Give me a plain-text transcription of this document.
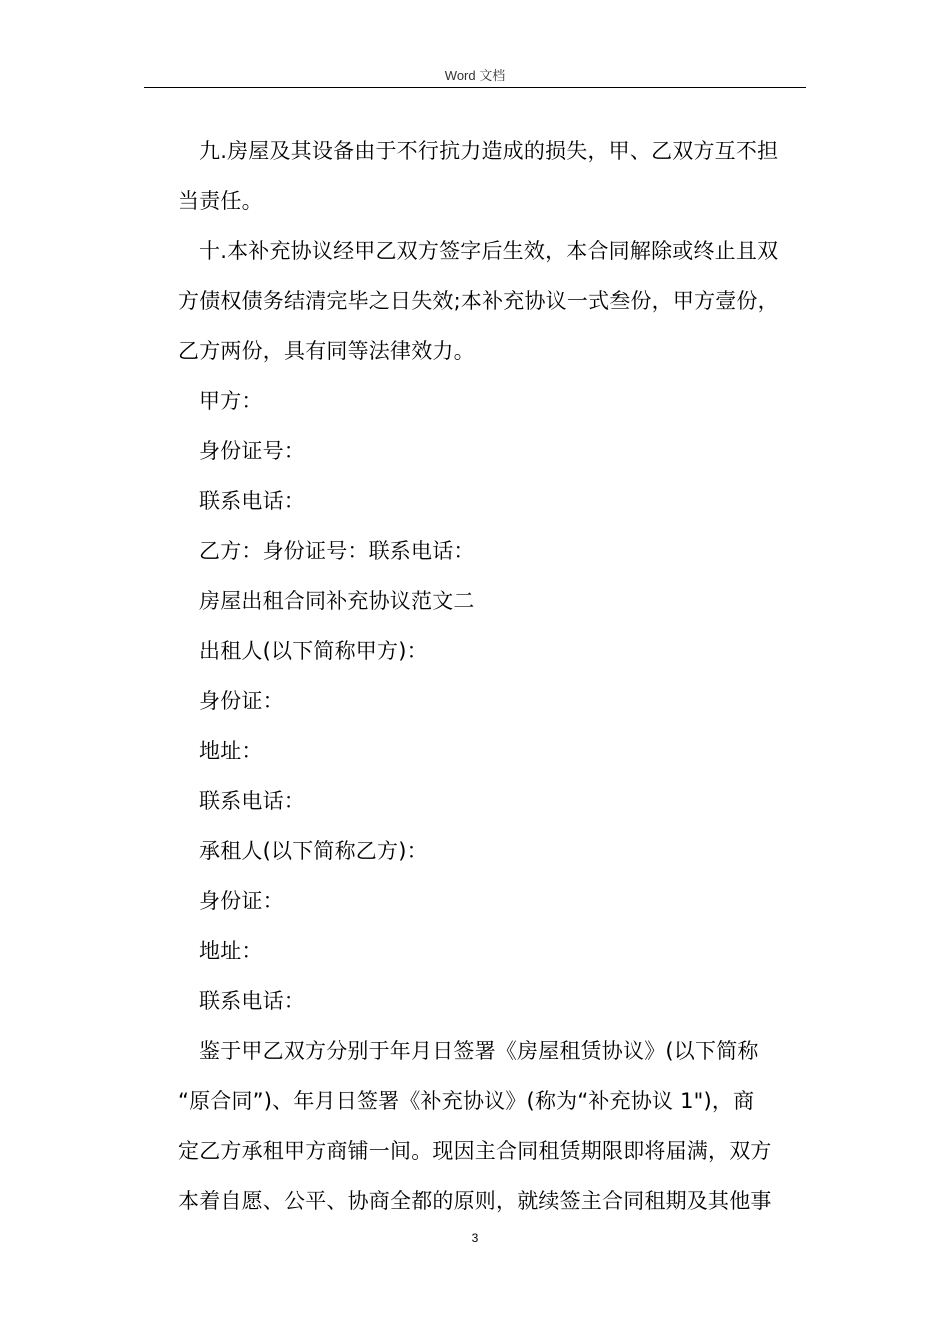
Word 文档

九.房屋及其设备由于不行抗力造成的损失，甲、乙双方互不担

当责任。

十.本补充协议经甲乙双方签字后生效，本合同解除或终止且双

方债权债务结清完毕之日失效;本补充协议一式叁份，甲方壹份，

乙方两份，具有同等法律效力。

甲方：

身份证号：

联系电话：

乙方：身份证号：联系电话：

房屋出租合同补充协议范文二

出租人(以下简称甲方)：

身份证：

地址：

联系电话：

承租人(以下简称乙方)：

身份证：

地址：

联系电话：

鉴于甲乙双方分别于年月日签署《房屋租赁协议》(以下简称

“原合同”)、年月日签署《补充协议》(称为“补充协议 1")，商

定乙方承租甲方商铺一间。现因主合同租赁期限即将届满，双方

本着自愿、公平、协商全都的原则，就续签主合同租期及其他事

3
